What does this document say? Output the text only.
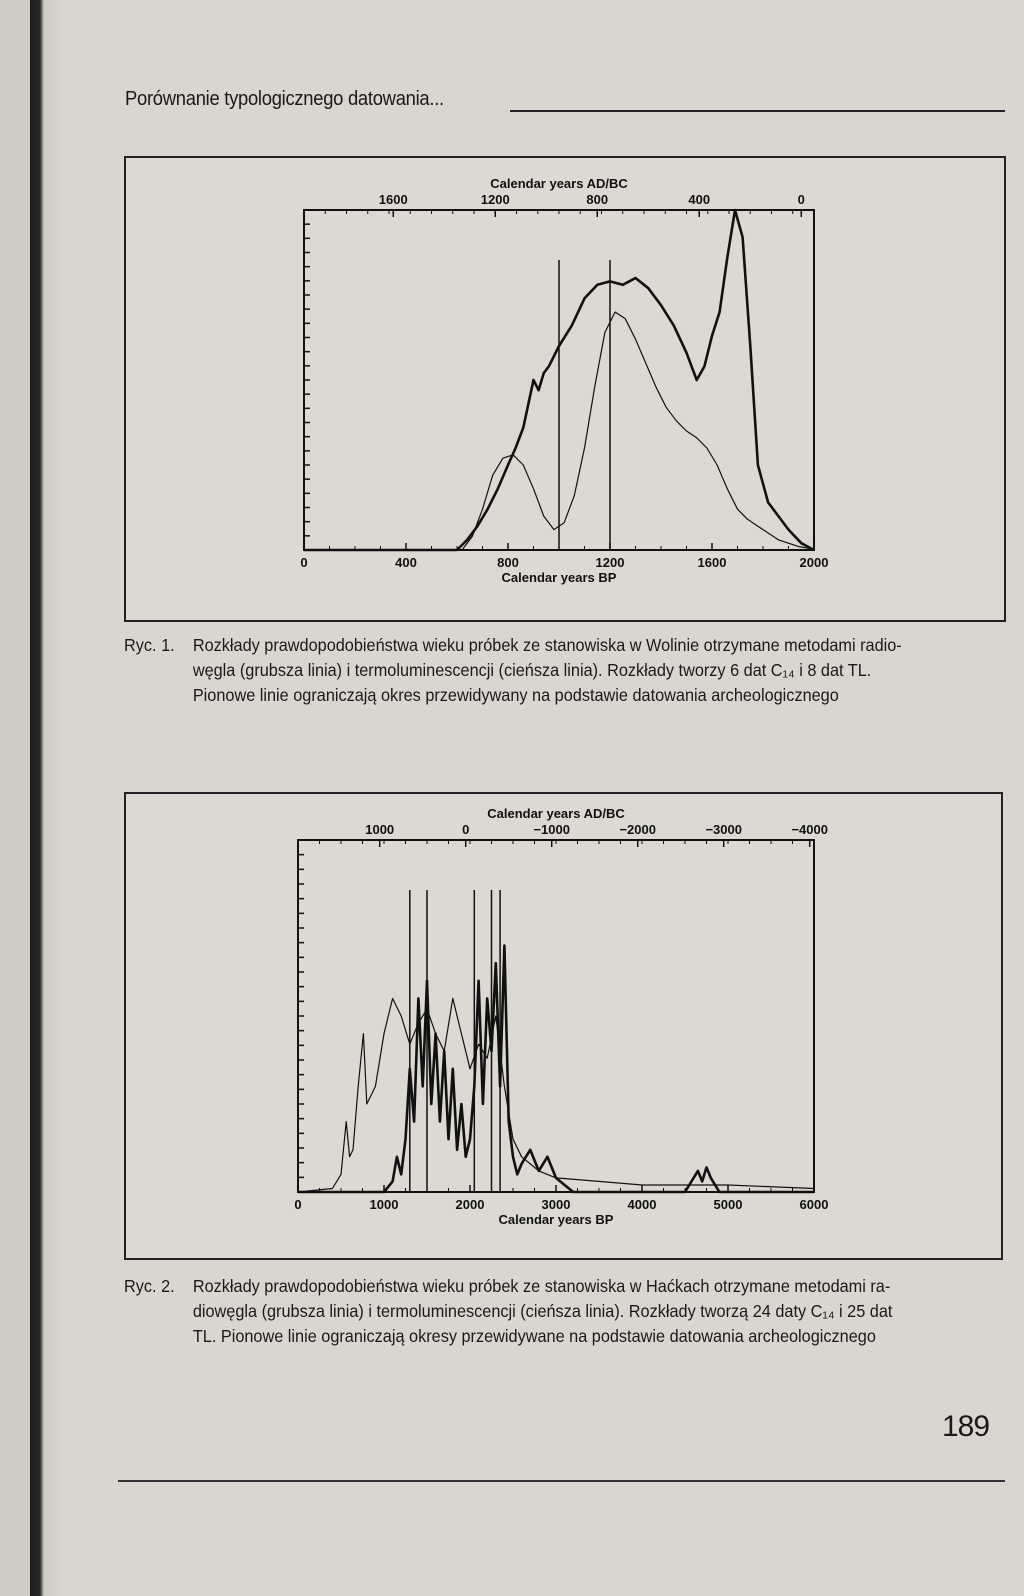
Porównanie typologicznego datowania...
0	400	800	1200	1600	2000
1600	1200	800	400	0
Calendar years BP
Calendar years AD/BC
Ryc. 1. Rozkłady prawdopodobieństwa wieku próbek ze stanowiska w Wolinie otrzymane metodami radio-
węgla (grubsza linia) i termoluminescencji (cieńsza linia). Rozkłady tworzy 6 dat C₁₄ i 8 dat TL.
Pionowe linie ograniczają okres przewidywany na podstawie datowania archeologicznego
0	1000	2000	3000	4000	5000	6000
1000	0	−1000	−2000	−3000	−4000
Calendar years BP
Calendar years AD/BC
Ryc. 2. Rozkłady prawdopodobieństwa wieku próbek ze stanowiska w Haćkach otrzymane metodami ra-
diowęgla (grubsza linia) i termoluminescencji (cieńsza linia). Rozkłady tworzą 24 daty C₁₄ i 25 dat
TL. Pionowe linie ograniczają okresy przewidywane na podstawie datowania archeologicznego
189
